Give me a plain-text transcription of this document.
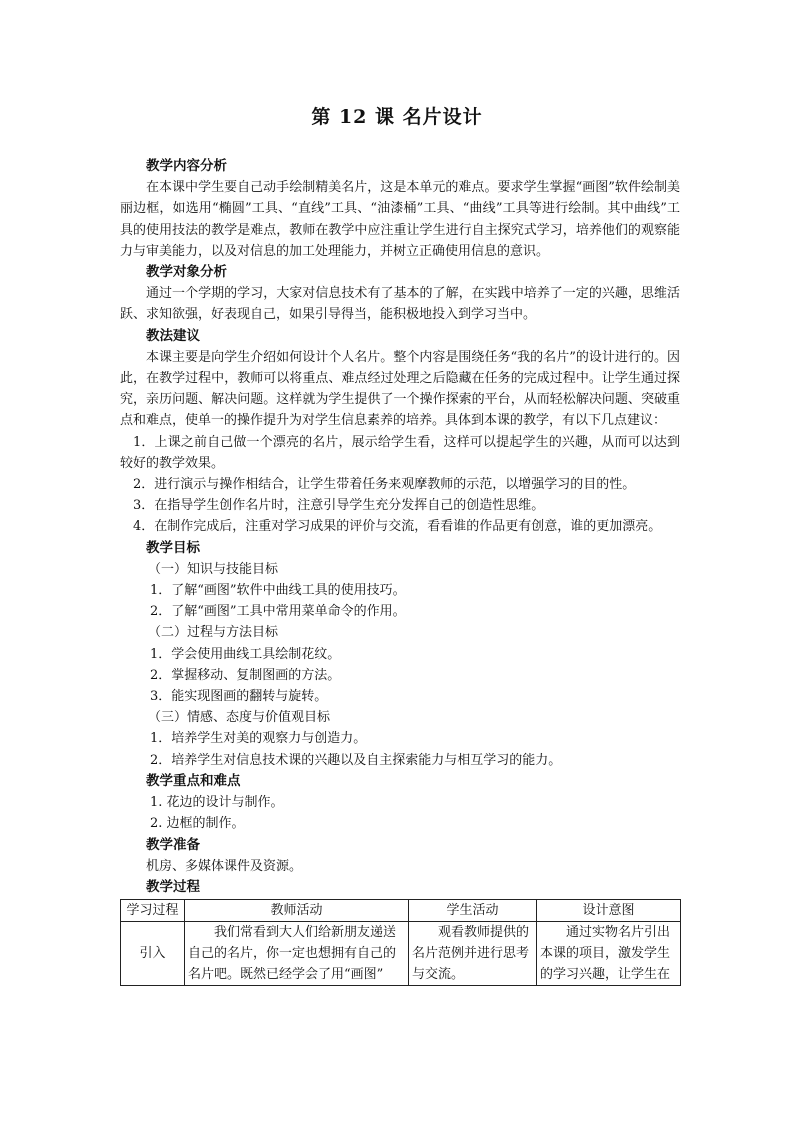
第 12 课 名片设计

教学内容分析

在本课中学生要自己动手绘制精美名片，这是本单元的难点。要求学生掌握“画图”软件绘制美丽边框，如选用“椭圆”工具、“直线”工具、“油漆桶”工具、“曲线”工具等进行绘制。其中曲线”工具的使用技法的教学是难点，教师在教学中应注重让学生进行自主探究式学习，培养他们的观察能力与审美能力，以及对信息的加工处理能力，并树立正确使用信息的意识。

教学对象分析

通过一个学期的学习，大家对信息技术有了基本的了解，在实践中培养了一定的兴趣，思维活跃、求知欲强，好表现自己，如果引导得当，能积极地投入到学习当中。

教法建议

本课主要是向学生介绍如何设计个人名片。整个内容是围绕任务“我的名片”的设计进行的。因此，在教学过程中，教师可以将重点、难点经过处理之后隐藏在任务的完成过程中。让学生通过探究，亲历问题、解决问题。这样就为学生提供了一个操作探索的平台，从而轻松解决问题、突破重点和难点，使单一的操作提升为对学生信息素养的培养。具体到本课的教学，有以下几点建议：

1．上课之前自己做一个漂亮的名片，展示给学生看，这样可以提起学生的兴趣，从而可以达到较好的教学效果。

2．进行演示与操作相结合，让学生带着任务来观摩教师的示范，以增强学习的目的性。

3．在指导学生创作名片时，注意引导学生充分发挥自己的创造性思维。

4．在制作完成后，注重对学习成果的评价与交流，看看谁的作品更有创意，谁的更加漂亮。

教学目标

（一）知识与技能目标

1．了解“画图”软件中曲线工具的使用技巧。

2．了解“画图”工具中常用菜单命令的作用。

（二）过程与方法目标

1．学会使用曲线工具绘制花纹。

2．掌握移动、复制图画的方法。

3．能实现图画的翻转与旋转。

（三）情感、态度与价值观目标

1．培养学生对美的观察力与创造力。

2．培养学生对信息技术课的兴趣以及自主探索能力与相互学习的能力。

教学重点和难点

1. 花边的设计与制作。

2. 边框的制作。

教学准备

机房、多媒体课件及资源。

教学过程

学习过程	教师活动	学生活动	设计意图
引入	我们常看到大人们给新朋友递送自己的名片，你一定也想拥有自己的名片吧。既然已经学会了用“画图”	观看教师提供的名片范例并进行思考与交流。	通过实物名片引出本课的项目，激发学生的学习兴趣，让学生在
